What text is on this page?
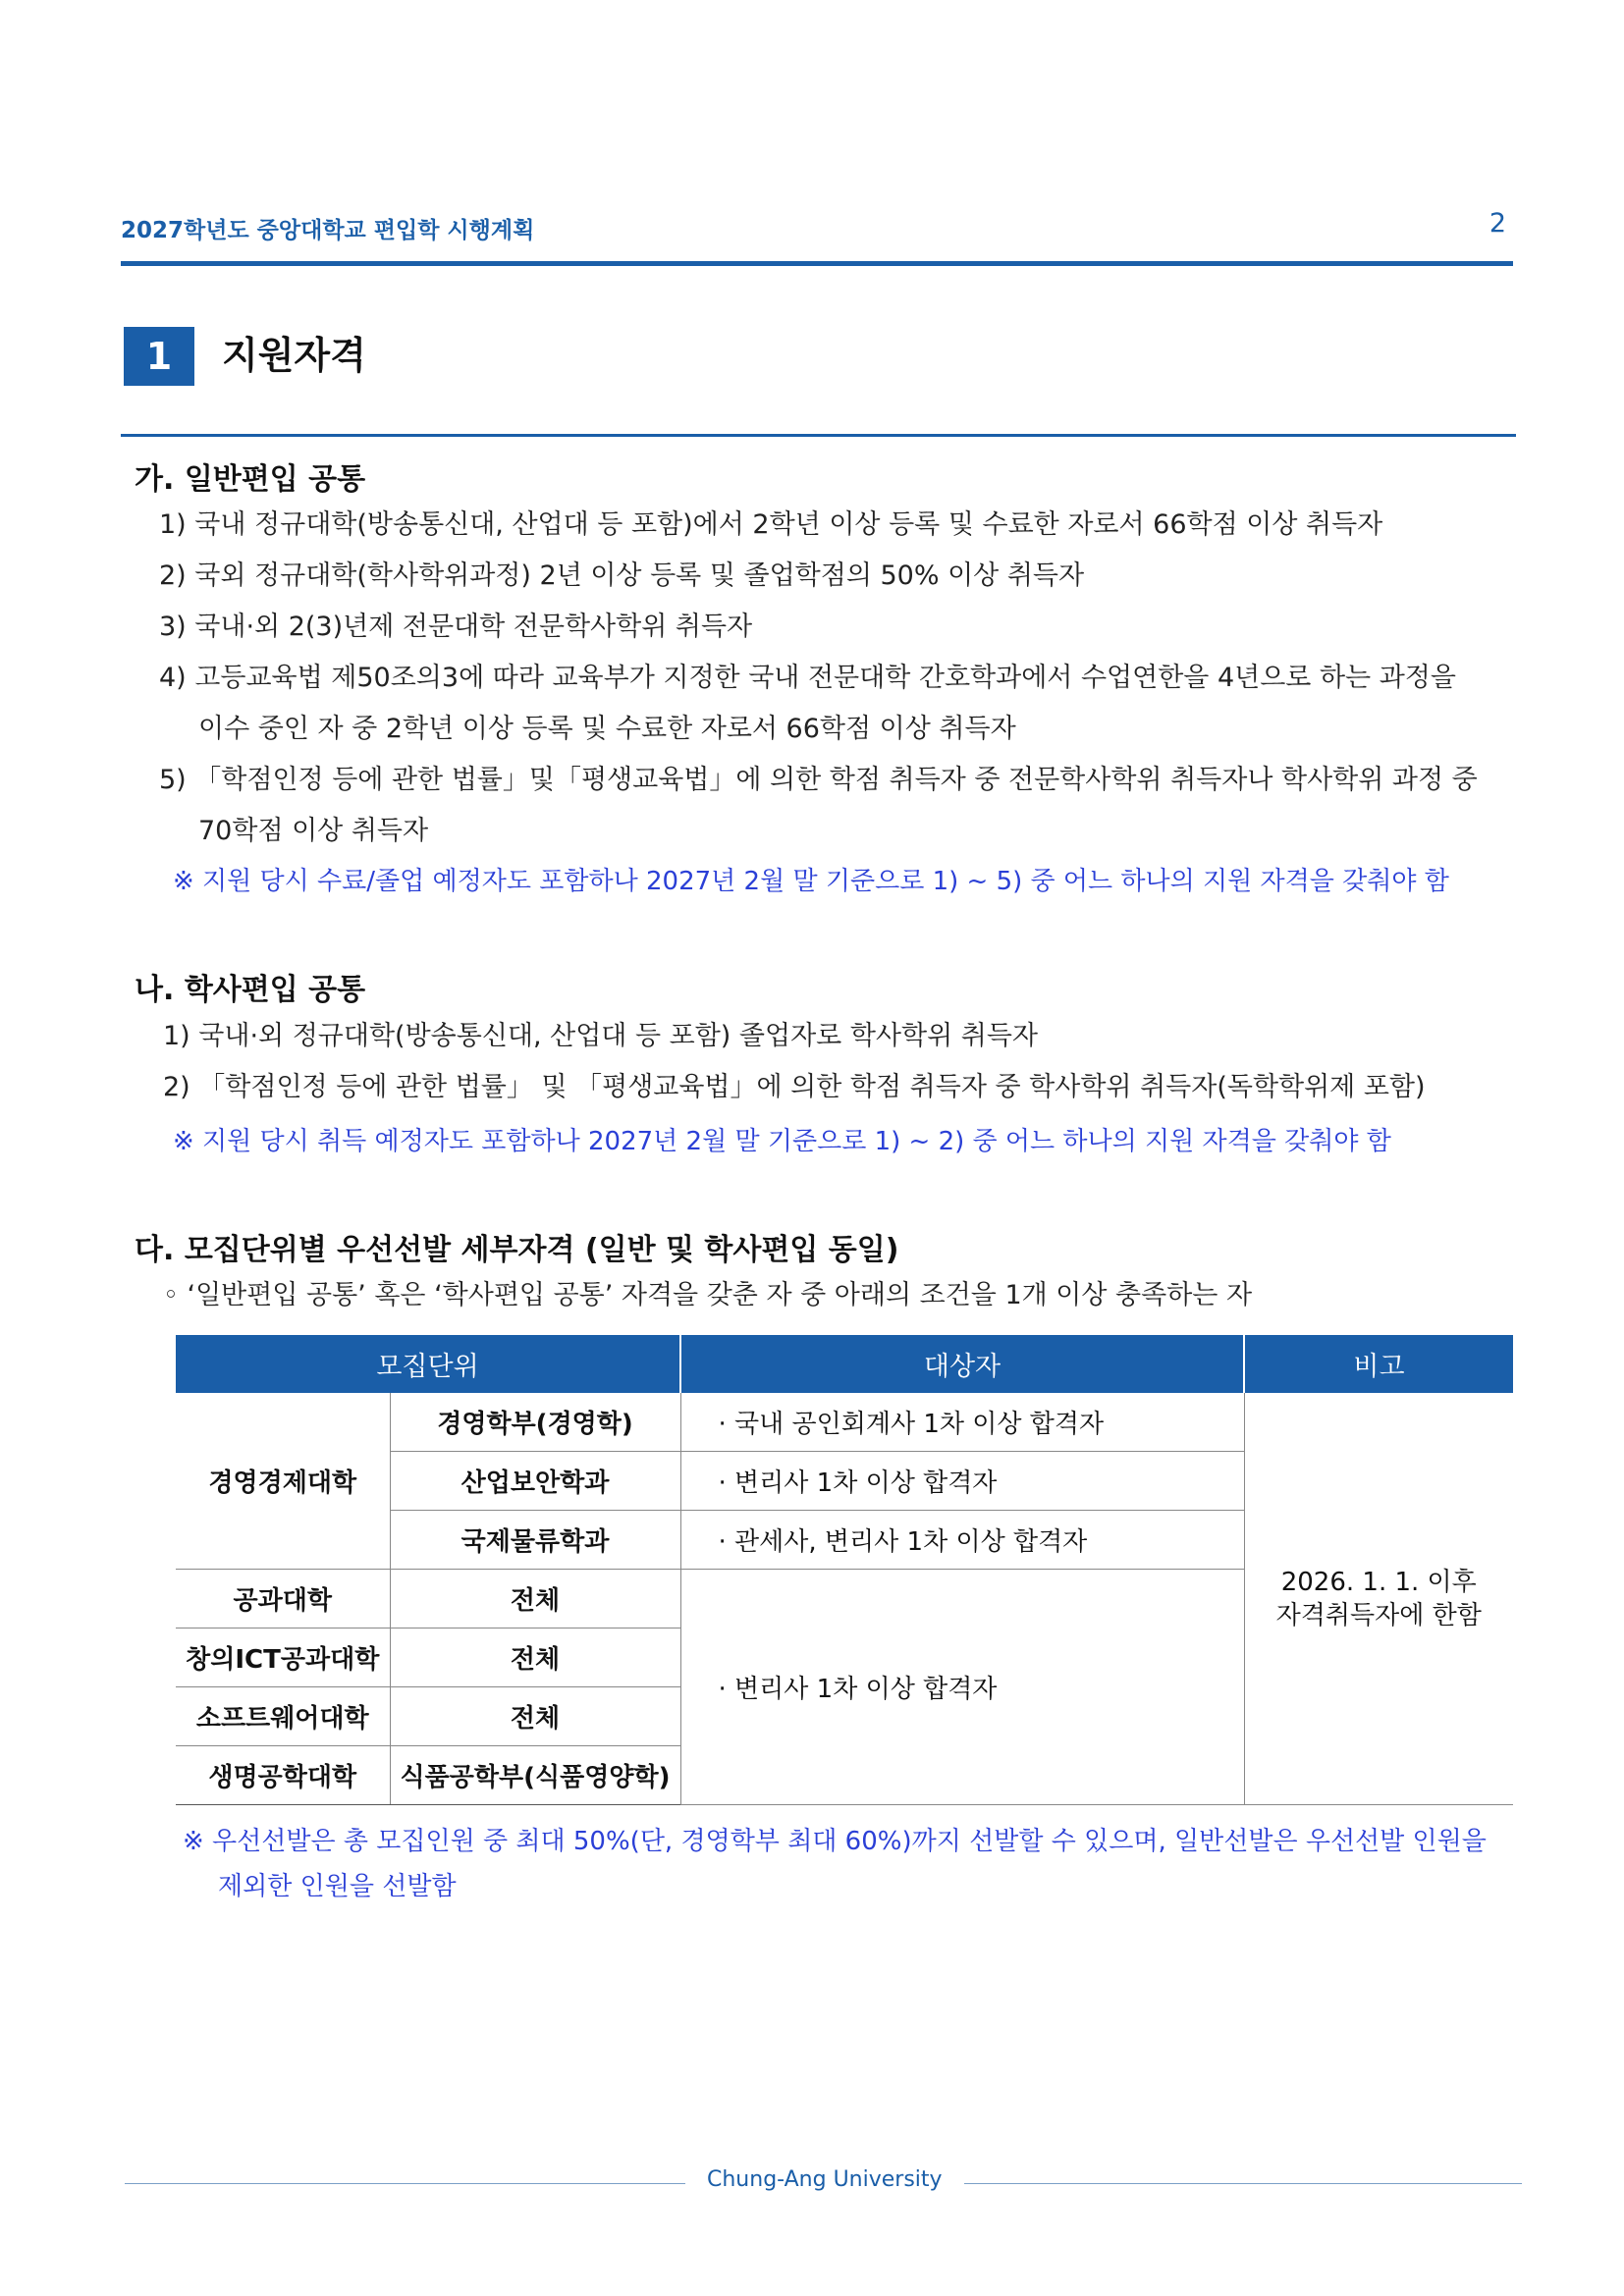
2027학년도 중앙대학교 편입학 시행계획	2
1	지원자격
가. 일반편입 공통
1) 국내 정규대학(방송통신대, 산업대 등 포함)에서 2학년 이상 등록 및 수료한 자로서 66학점 이상 취득자
2) 국외 정규대학(학사학위과정) 2년 이상 등록 및 졸업학점의 50% 이상 취득자
3) 국내·외 2(3)년제 전문대학 전문학사학위 취득자
4) 고등교육법 제50조의3에 따라 교육부가 지정한 국내 전문대학 간호학과에서 수업연한을 4년으로 하는 과정을
이수 중인 자 중 2학년 이상 등록 및 수료한 자로서 66학점 이상 취득자
5) 「학점인정 등에 관한 법률」및「평생교육법」에 의한 학점 취득자 중 전문학사학위 취득자나 학사학위 과정 중
70학점 이상 취득자
※ 지원 당시 수료/졸업 예정자도 포함하나 2027년 2월 말 기준으로 1) ~ 5) 중 어느 하나의 지원 자격을 갖춰야 함
나. 학사편입 공통
1) 국내·외 정규대학(방송통신대, 산업대 등 포함) 졸업자로 학사학위 취득자
2) 「학점인정 등에 관한 법률」 및 「평생교육법」에 의한 학점 취득자 중 학사학위 취득자(독학학위제 포함)
※ 지원 당시 취득 예정자도 포함하나 2027년 2월 말 기준으로 1) ~ 2) 중 어느 하나의 지원 자격을 갖춰야 함
다. 모집단위별 우선선발 세부자격 (일반 및 학사편입 동일)
◦ ‘일반편입 공통’ 혹은 ‘학사편입 공통’ 자격을 갖춘 자 중 아래의 조건을 1개 이상 충족하는 자
모집단위		대상자	비고
경영경제대학	경영학부(경영학)	· 국내 공인회계사 1차 이상 합격자	2026. 1. 1. 이후
자격취득자에 한함
	산업보안학과	· 변리사 1차 이상 합격자	
	국제물류학과	· 관세사, 변리사 1차 이상 합격자	
공과대학	전체	· 변리사 1차 이상 합격자	
창의ICT공과대학	전체		
소프트웨어대학	전체		
생명공학대학	식품공학부(식품영양학)		
※ 우선선발은 총 모집인원 중 최대 50%(단, 경영학부 최대 60%)까지 선발할 수 있으며, 일반선발은 우선선발 인원을
제외한 인원을 선발함
Chung-Ang University
